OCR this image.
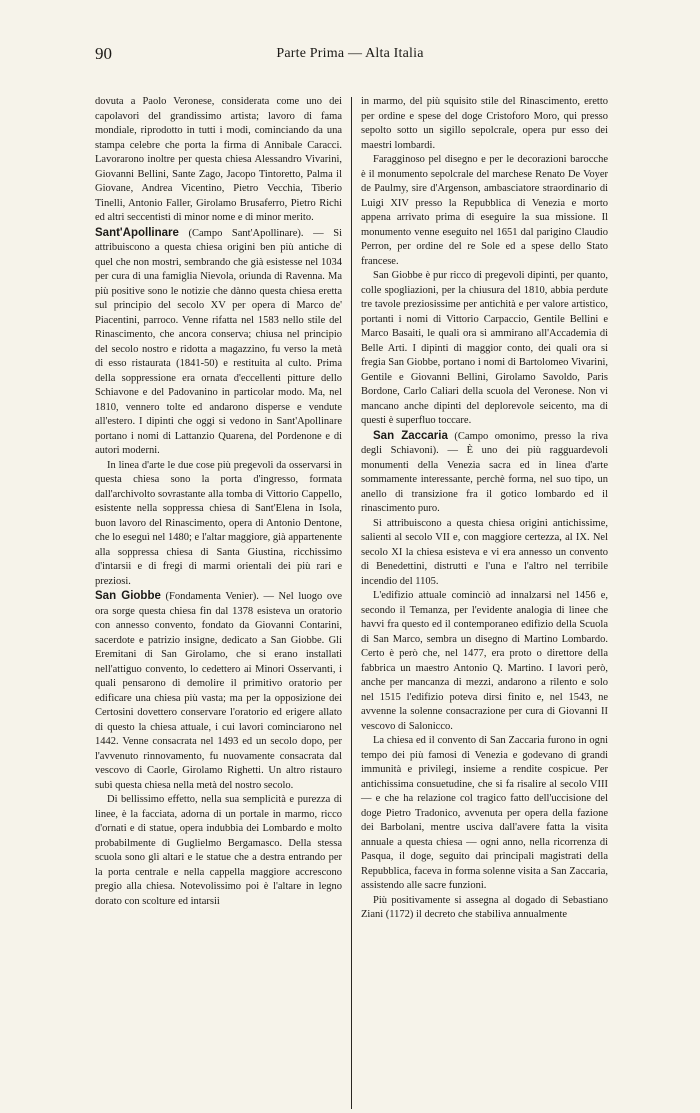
90	Parte Prima — Alta Italia

dovuta a Paolo Veronese, considerata come uno dei capolavori del grandissimo artista; lavoro di fama mondiale, riprodotto in tutti i modi, cominciando da una stampa celebre che porta la firma di Annibale Caracci. Lavorarono inoltre per questa chiesa Alessandro Vivarini, Giovanni Bellini, Sante Zago, Jacopo Tintoretto, Palma il Giovane, Andrea Vicentino, Pietro Vecchia, Tiberio Tinelli, Antonio Faller, Girolamo Brusaferro, Pietro Richi ed altri seccentisti di minor nome e di minor merito.

Sant'Apollinare (Campo Sant'Apollinare). — Si attribuiscono a questa chiesa origini ben più antiche di quel che non mostri, sembrando che già esistesse nel 1034 per cura di una famiglia Nievola, oriunda di Ravenna. Ma più positive sono le notizie che dànno questa chiesa eretta sul principio del secolo XV per opera di Marco de' Piacentini, parroco. Venne rifatta nel 1583 nello stile del Rinascimento, che ancora conserva; chiusa nel principio del secolo nostro e ridotta a magazzino, fu verso la metà di esso ristaurata (1841-50) e restituita al culto. Prima della soppressione era ornata d'eccellenti pitture dello Schiavone e del Padovanino in particolar modo. Ma, nel 1810, vennero tolte ed andarono disperse e vendute all'estero. I dipinti che oggi si vedono in Sant'Apollinare portano i nomi di Lattanzio Quarena, del Pordenone e di autori moderni.

In linea d'arte le due cose più pregevoli da osservarsi in questa chiesa sono la porta d'ingresso, formata dall'archivolto sovrastante alla tomba di Vittorio Cappello, esistente nella soppressa chiesa di Sant'Elena in Isola, buon lavoro del Rinascimento, opera di Antonio Dentone, che lo eseguì nel 1480; e l'altar maggiore, già appartenente alla soppressa chiesa di Santa Giustina, ricchissimo d'intarsii e di fregi di marmi orientali dei più rari e preziosi.

San Giobbe (Fondamenta Venier). — Nel luogo ove ora sorge questa chiesa fin dal 1378 esisteva un oratorio con annesso convento, fondato da Giovanni Contarini, sacerdote e patrizio insigne, dedicato a San Giobbe. Gli Eremitani di San Girolamo, che si erano installati nell'attiguo convento, lo cedettero ai Minori Osservanti, i quali pensarono di demolire il primitivo oratorio per edificare una chiesa più vasta; ma per la opposizione dei Certosini dovettero conservare l'oratorio ed erigere allato di questo la chiesa attuale, i cui lavori cominciarono nel 1442. Venne consacrata nel 1493 ed un secolo dopo, per l'avvenuto rinnovamento, fu nuovamente consacrata dal vescovo di Caorle, Girolamo Righetti. Un altro ristauro subì questa chiesa nella metà del nostro secolo.

Di bellissimo effetto, nella sua semplicità e purezza di linee, è la facciata, adorna di un portale in marmo, ricco d'ornati e di statue, opera indubbia dei Lombardo e molto probabilmente di Guglielmo Bergamasco. Della stessa scuola sono gli altari e le statue che a destra entrando per la porta centrale e nella cappella maggiore accrescono pregio alla chiesa. Notevolissimo poi è l'altare in legno dorato con scolture ed intarsii

in marmo, del più squisito stile del Rinascimento, eretto per ordine e spese del doge Cristoforo Moro, qui presso sepolto sotto un sigillo sepolcrale, opera pur esso dei maestri lombardi.

Faragginoso pel disegno e per le decorazioni barocche è il monumento sepolcrale del marchese Renato De Voyer de Paulmy, sire d'Argenson, ambasciatore straordinario di Luigi XIV presso la Repubblica di Venezia e morto appena arrivato prima di eseguire la sua missione. Il monumento venne eseguito nel 1651 dal parigino Claudio Perron, per ordine del re Sole ed a spese dello Stato francese.

San Giobbe è pur ricco di pregevoli dipinti, per quanto, colle spogliazioni, per la chiusura del 1810, abbia perdute tre tavole preziosissime per antichità e per valore artistico, portanti i nomi di Vittorio Carpaccio, Gentile Bellini e Marco Basaiti, le quali ora si ammirano all'Accademia di Belle Arti. I dipinti di maggior conto, dei quali ora si fregia San Giobbe, portano i nomi di Bartolomeo Vivarini, Gentile e Giovanni Bellini, Girolamo Savoldo, Paris Bordone, Carlo Caliari della scuola del Veronese. Non vi mancano anche dipinti del deplorevole seicento, ma di questi è superfluo toccare.

San Zaccaria (Campo omonimo, presso la riva degli Schiavoni). — È uno dei più ragguardevoli monumenti della Venezia sacra ed in linea d'arte sommamente interessante, perchè forma, nel suo tipo, un anello di transizione fra il gotico lombardo ed il rinascimento puro.

Si attribuiscono a questa chiesa origini antichissime, salienti al secolo VII e, con maggiore certezza, al IX. Nel secolo XI la chiesa esisteva e vi era annesso un convento di Benedettini, distrutti e l'una e l'altro nel terribile incendio del 1105.

L'edifizio attuale cominciò ad innalzarsi nel 1456 e, secondo il Temanza, per l'evidente analogia di linee che havvi fra questo ed il contemporaneo edifizio della Scuola di San Marco, sembra un disegno di Martino Lombardo. Certo è però che, nel 1477, era proto o direttore della fabbrica un maestro Antonio Q. Martino. I lavori però, anche per mancanza di mezzi, andarono a rilento e solo nel 1515 l'edifizio poteva dirsi finito e, nel 1543, ne avvenne la solenne consacrazione per cura di Giovanni II vescovo di Salonicco.

La chiesa ed il convento di San Zaccaria furono in ogni tempo dei più famosi di Venezia e godevano di grandi immunità e privilegi, insieme a rendite cospicue. Per antichissima consuetudine, che si fa risalire al secolo VIII — e che ha relazione col tragico fatto dell'uccisione del doge Pietro Tradonico, avvenuta per opera della fazione dei Barbolani, mentre usciva dall'avere fatta la visita annuale a questa chiesa — ogni anno, nella ricorrenza di Pasqua, il doge, seguito dai principali magistrati della Repubblica, faceva in forma solenne visita a San Zaccaria, assistendo alle sacre funzioni.

Più positivamente si assegna al dogado di Sebastiano Ziani (1172) il decreto che stabiliva annualmente
